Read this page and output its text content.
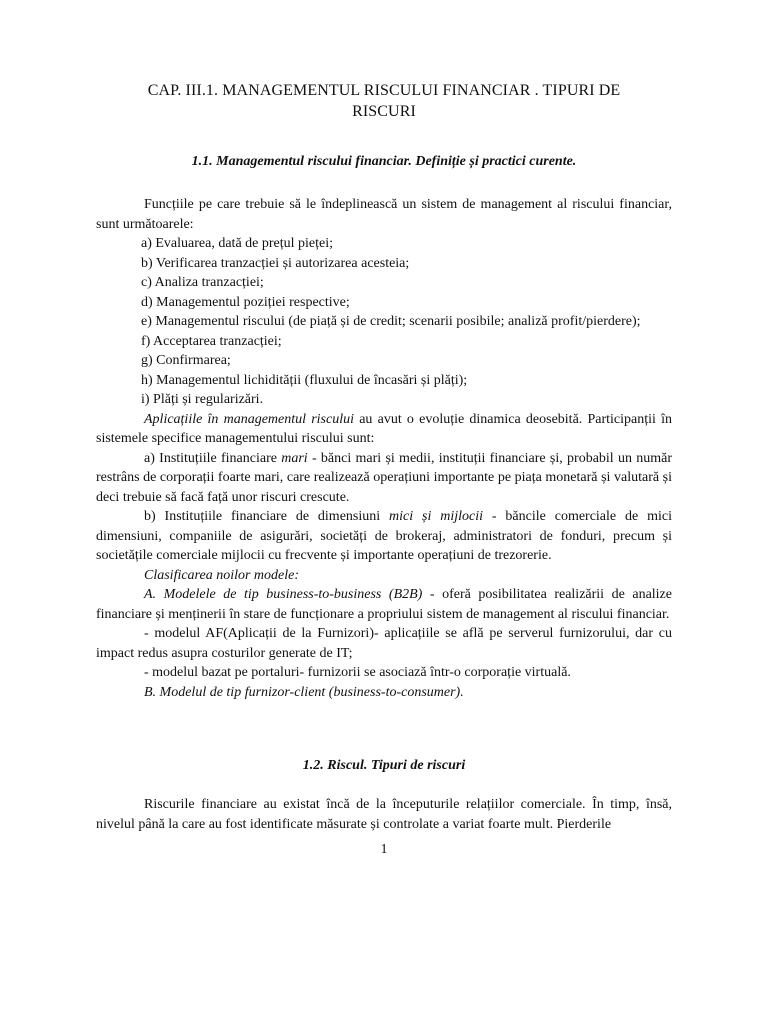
CAP. III.1. MANAGEMENTUL RISCULUI FINANCIAR . TIPURI DE
RISCURI
1.1. Managementul riscului financiar. Definiție și practici curente.

Funcțiile pe care trebuie să le îndeplinească un sistem de management al riscului financiar, sunt următoarele:

a) Evaluarea, dată de prețul pieței;
b) Verificarea tranzacției și autorizarea acesteia;
c) Analiza tranzacției;
d) Managementul poziției respective;
e) Managementul riscului (de piață și de credit; scenarii posibile; analiză profit/pierdere);
f) Acceptarea tranzacției;
g) Confirmarea;
h) Managementul lichidității (fluxului de încasări și plăți);
i) Plăți și regularizări.

Aplicațiile în managementul riscului au avut o evoluție dinamica deosebită. Participanții în sistemele specifice managementului riscului sunt:

a) Instituțiile financiare mari - bănci mari și medii, instituții financiare și, probabil un număr restrâns de corporații foarte mari, care realizează operațiuni importante pe piața monetară și valutară și deci trebuie să facă față unor riscuri crescute.

b) Instituțiile financiare de dimensiuni mici și mijlocii - băncile comerciale de mici dimensiuni, companiile de asigurări, societăți de brokeraj, administratori de fonduri, precum și societățile comerciale mijlocii cu frecvente și importante operațiuni de trezorerie.

Clasificarea noilor modele:

A. Modelele de tip business-to-business (B2B) - oferă posibilitatea realizării de analize financiare și menținerii în stare de funcționare a propriului sistem de management al riscului financiar.

- modelul AF(Aplicații de la Furnizori)- aplicațiile se află pe serverul furnizorului, dar cu impact redus asupra costurilor generate de IT;

- modelul bazat pe portaluri- furnizorii se asociază într-o corporație virtuală.

B. Modelul de tip furnizor-client (business-to-consumer).

1.2. Riscul. Tipuri de riscuri

Riscurile financiare au existat încă de la începuturile relațiilor comerciale. În timp, însă, nivelul până la care au fost identificate măsurate și controlate a variat foarte mult. Pierderile

1
